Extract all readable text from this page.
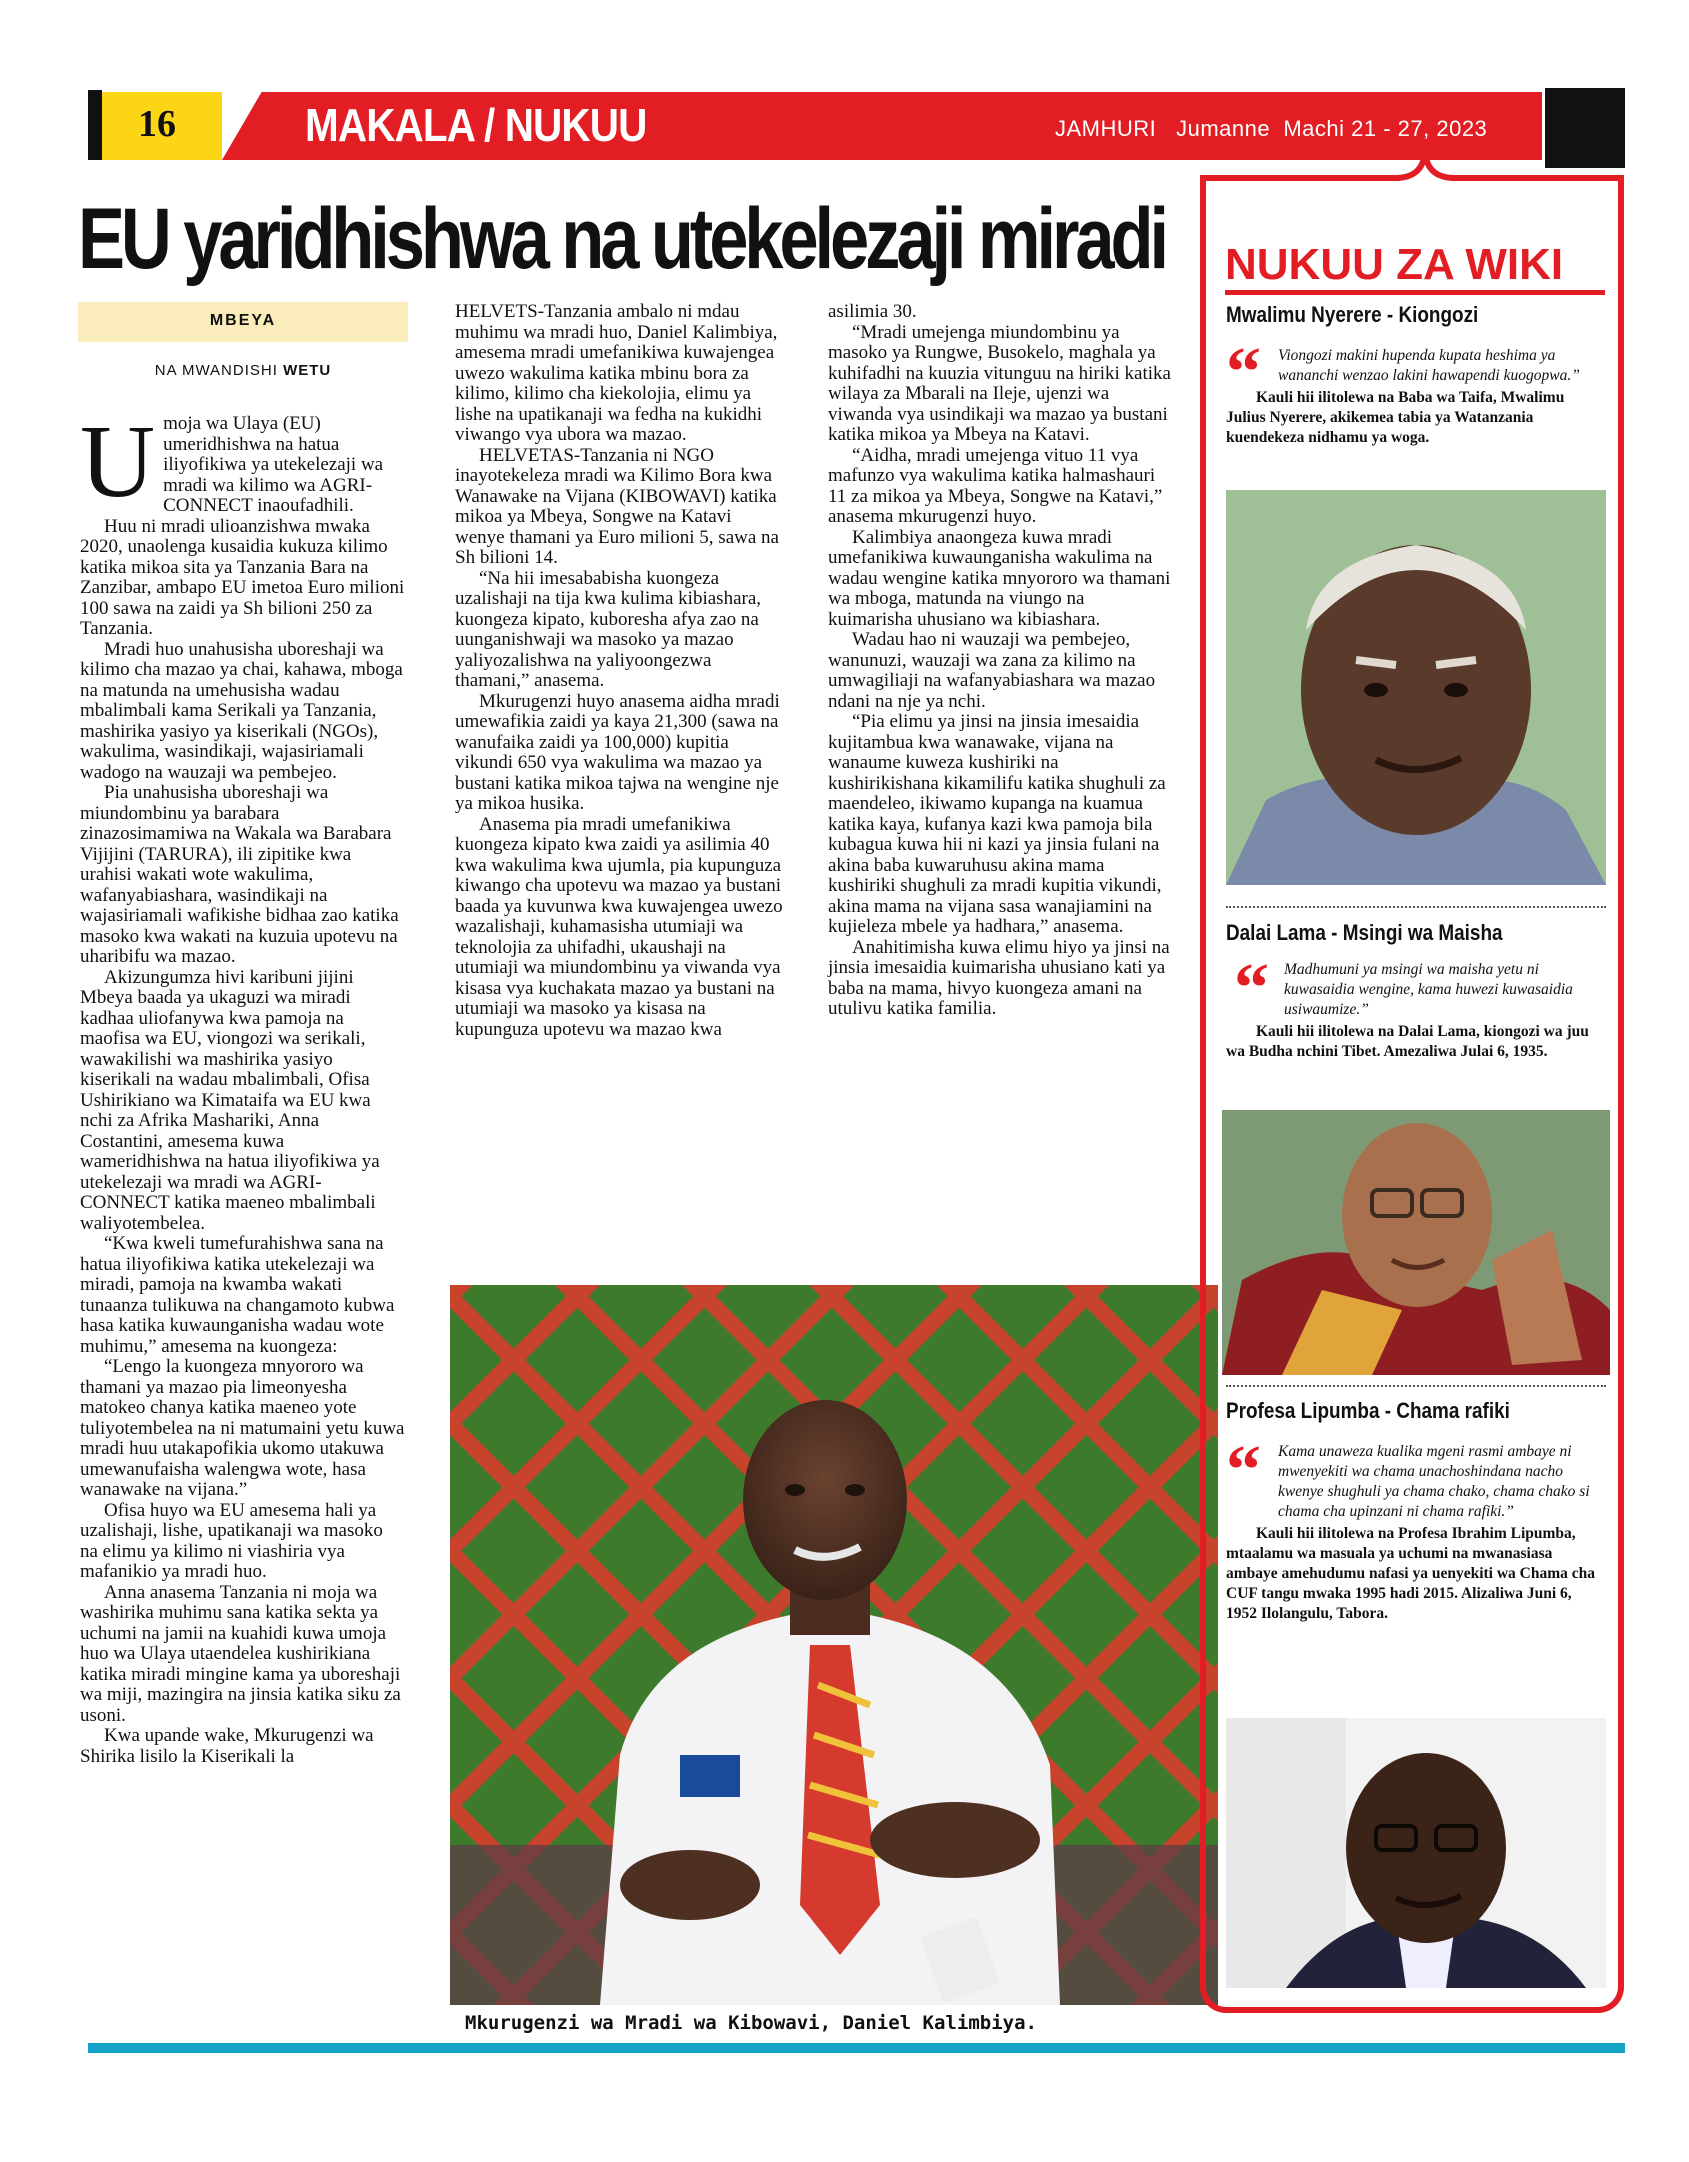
16	MAKALA / NUKUU	JAMHURI   Jumanne  Machi 21 - 27, 2023
EU yaridhishwa na utekelezaji miradi
MBEYA
NA MWANDISHI WETU

Umoja wa Ulaya (EU) umeridhishwa na hatua iliyofikiwa ya utekelezaji wa mradi wa kilimo wa AGRI-CONNECT inaoufadhili.

Huu ni mradi ulioanzishwa mwaka 2020, unaolenga kusaidia kukuza kilimo katika mikoa sita ya Tanzania Bara na Zanzibar, ambapo EU imetoa Euro milioni 100 sawa na zaidi ya Sh bilioni 250 za Tanzania.

Mradi huo unahusisha uboreshaji wa kilimo cha mazao ya chai, kahawa, mboga na matunda na umehusisha wadau mbalimbali kama Serikali ya Tanzania, mashirika yasiyo ya kiserikali (NGOs), wakulima, wasindikaji, wajasiriamali wadogo na wauzaji wa pembejeo.

Pia unahusisha uboreshaji wa miundombinu ya barabara zinazosimamiwa na Wakala wa Barabara Vijijini (TARURA), ili zipitike kwa urahisi wakati wote wakulima, wafanyabiashara, wasindikaji na wajasiriamali wafikishe bidhaa zao katika masoko kwa wakati na kuzuia upotevu na uharibifu wa mazao.

Akizungumza hivi karibuni jijini Mbeya baada ya ukaguzi wa miradi kadhaa uliofanywa kwa pamoja na maofisa wa EU, viongozi wa serikali, wawakilishi wa mashirika yasiyo kiserikali na wadau mbalimbali, Ofisa Ushirikiano wa Kimataifa wa EU kwa nchi za Afrika Mashariki, Anna Costantini, amesema kuwa wameridhishwa na hatua iliyofikiwa ya utekelezaji wa mradi wa AGRI-CONNECT katika maeneo mbalimbali waliyotembelea.

“Kwa kweli tumefurahishwa sana na hatua iliyofikiwa katika utekelezaji wa miradi, pamoja na kwamba wakati tunaanza tulikuwa na changamoto kubwa hasa katika kuwaunganisha wadau wote muhimu,” amesema na kuongeza:

“Lengo la kuongeza mnyororo wa thamani ya mazao pia limeonyesha matokeo chanya katika maeneo yote tuliyotembelea na ni matumaini yetu kuwa mradi huu utakapofikia ukomo utakuwa umewanufaisha walengwa wote, hasa wanawake na vijana.”

Ofisa huyo wa EU amesema hali ya uzalishaji, lishe, upatikanaji wa masoko na elimu ya kilimo ni viashiria vya mafanikio ya mradi huo.

Anna anasema Tanzania ni moja wa washirika muhimu sana katika sekta ya uchumi na jamii na kuahidi kuwa umoja huo wa Ulaya utaendelea kushirikiana katika miradi mingine kama ya uboreshaji wa miji, mazingira na jinsia katika siku za usoni.

Kwa upande wake, Mkurugenzi wa Shirika lisilo la Kiserikali la

HELVETS-Tanzania ambalo ni mdau muhimu wa mradi huo, Daniel Kalimbiya, amesema mradi umefanikiwa kuwajengea uwezo wakulima katika mbinu bora za kilimo, kilimo cha kiekolojia, elimu ya lishe na upatikanaji wa fedha na kukidhi viwango vya ubora wa mazao.

HELVETAS-Tanzania ni NGO inayotekeleza mradi wa Kilimo Bora kwa Wanawake na Vijana (KIBOWAVI) katika mikoa ya Mbeya, Songwe na Katavi wenye thamani ya Euro milioni 5, sawa na Sh bilioni 14.

“Na hii imesababisha kuongeza uzalishaji na tija kwa kulima kibiashara, kuongeza kipato, kuboresha afya zao na uunganishwaji wa masoko ya mazao yaliyozalishwa na yaliyoongezwa thamani,” anasema.

Mkurugenzi huyo anasema aidha mradi umewafikia zaidi ya kaya 21,300 (sawa na wanufaika zaidi ya 100,000) kupitia vikundi 650 vya wakulima wa mazao ya bustani katika mikoa tajwa na wengine nje ya mikoa husika.

Anasema pia mradi umefanikiwa kuongeza kipato kwa zaidi ya asilimia 40 kwa wakulima kwa ujumla, pia kupunguza kiwango cha upotevu wa mazao ya bustani baada ya kuvunwa kwa kuwajengea uwezo wazalishaji, kuhamasisha utumiaji wa teknolojia za uhifadhi, ukaushaji na utumiaji wa miundombinu ya viwanda vya kisasa vya kuchakata mazao ya bustani na utumiaji wa masoko ya kisasa na kupunguza upotevu wa mazao kwa

asilimia 30.

“Mradi umejenga miundombinu ya masoko ya Rungwe, Busokelo, maghala ya kuhifadhi na kuuzia vitunguu na hiriki katika wilaya za Mbarali na Ileje, ujenzi wa viwanda vya usindikaji wa mazao ya bustani katika mikoa ya Mbeya na Katavi.

“Aidha, mradi umejenga vituo 11 vya mafunzo vya wakulima katika halmashauri 11 za mikoa ya Mbeya, Songwe na Katavi,” anasema mkurugenzi huyo.

Kalimbiya anaongeza kuwa mradi umefanikiwa kuwaunganisha wakulima na wadau wengine katika mnyororo wa thamani wa mboga, matunda na viungo na kuimarisha uhusiano wa kibiashara.

Wadau hao ni wauzaji wa pembejeo, wanunuzi, wauzaji wa zana za kilimo na umwagiliaji na wafanyabiashara wa mazao ndani na nje ya nchi.

“Pia elimu ya jinsi na jinsia imesaidia kujitambua kwa wanawake, vijana na wanaume kuweza kushiriki na kushirikishana kikamilifu katika shughuli za maendeleo, ikiwamo kupanga na kuamua katika kaya, kufanya kazi kwa pamoja bila kubagua kuwa hii ni kazi ya jinsia fulani na akina baba kuwaruhusu akina mama kushiriki shughuli za mradi kupitia vikundi, akina mama na vijana sasa wanajiamini na kujieleza mbele ya hadhara,” anasema.

Anahitimisha kuwa elimu hiyo ya jinsi na jinsia imesaidia kuimarisha uhusiano kati ya baba na mama, hivyo kuongeza amani na utulivu katika familia.

Mkurugenzi wa Mradi wa Kibowavi, Daniel Kalimbiya.
NUKUU ZA WIKI
Mwalimu Nyerere - Kiongozi
“	Viongozi makini hupenda kupata heshima ya wananchi wenzao lakini hawapendi kuogopwa.”
Kauli hii ilitolewa na Baba wa Taifa, Mwalimu Julius Nyerere, akikemea tabia ya Watanzania kuendekeza nidhamu ya woga.
Dalai Lama - Msingi wa Maisha
“ Madhumuni ya msingi wa maisha yetu ni kuwasaidia wengine, kama huwezi kuwasaidia usiwaumize.”
Kauli hii ilitolewa na Dalai Lama, kiongozi wa juu wa Budha nchini Tibet. Amezaliwa Julai 6, 1935.
Profesa Lipumba - Chama rafiki
“	Kama unaweza kualika mgeni rasmi ambaye ni mwenyekiti wa chama unachoshindana nacho kwenye shughuli ya chama chako, chama chako si chama cha upinzani ni chama rafiki.”
Kauli hii ilitolewa na Profesa Ibrahim Lipumba, mtaalamu wa masuala ya uchumi na mwanasiasa ambaye amehudumu nafasi ya uenyekiti wa Chama cha CUF tangu mwaka 1995 hadi 2015. Alizaliwa Juni 6, 1952 Ilolangulu, Tabora.
